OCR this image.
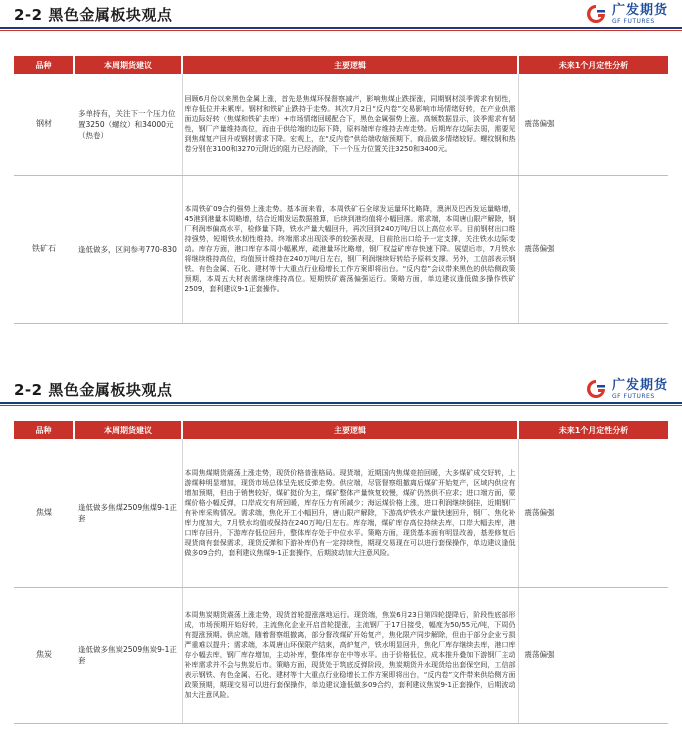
2-2 黑色金属板块观点	广发期货
GF FUTURES
品种	本周期货建议	主要逻辑	未来1个月定性分析
钢材	多单持有，关注下一个压力位置3250（螺纹）和34000元（热卷）	回顾6月份以来黑色金属上涨，首先是焦煤环保督察减产，影响焦煤止跌探涨，同期钢材淡季需求有韧性，库存低位并未累库。钢材和铁矿止跌持于走势。其次7月2日“反内卷”交易影响市场情绪好转，在产业供需面边际好转（焦煤和铁矿去库）+市场情绪回暖配合下，黑色金属强势上涨。高频数据显示，淡季需求有韧性，钢厂产量维持高位，而由于供给端的边际下降，原料端库存维持去库走势。后期库存边际去弱，需要见到焦煤复产回升或钢材需求下降。宏观上，在“反内卷”供给端收缩预期下，商品做多情绪较好。螺纹钢和热卷分别在3100和3270元附近的阻力已经消除，下一个压力位置关注3250和3400元。	震荡偏强
铁矿石	逢低做多，区间参考770-830	本周铁矿09合约强势上涨走势。基本面来看，本周铁矿石全球发运量环比略降，澳洲及巴西发运量略增，45港到港量本周略增，结合近期发运数据推算，后续到港均值将小幅回落。需求端，本周唐山限产解除，钢厂利润率偏高水平，检修量下降，铁水产量大幅回升，再次回到240万吨/日以上高位水平。目前钢材出口维持强势，短期铁水韧性维持。终端需求出现淡季的较强表现，目前抢出口给予一定支撑，关注铁水边际变动。库存方面，港口库存本周小幅累库，疏港量环比略增，钢厂权益矿库存快速下降。展望后市，7月铁水将继续维持高位，均值预计维持在240万吨/日左右，钢厂利润继续好转给予原料支撑。另外，工信部表示钢铁、有色金属、石化、建材等十大重点行业稳增长工作方案即将出台。“反内卷”会议带来黑色的供给侧政策预期，本周五大材表需继续维持高位。短期铁矿震荡偏强运行。策略方面，单边建议逢低做多操作铁矿2509，套利建议9-1正套操作。	震荡偏强
2-2 黑色金属板块观点	广发期货
GF FUTURES
品种	本周期货建议	主要逻辑	未来1个月定性分析
焦煤	逢低做多焦煤2509焦煤9-1正套	本周焦煤期货震荡上涨走势，现货价格普涨格局。现货端，近期国内焦煤竞拍回暖，大多煤矿成交好转，上游煤种明显增加，现货市场总体呈先底反弹走势。供应端，尽管督察组撤离后煤矿开始复产，区域内供应有增加预期，但由于销售较好，煤矿挺价为主，煤矿整体产量恢复较慢，煤矿仍然供不应求；进口端方面，蒙煤价格小幅反弹，口岸成交有所回暖，库存压力有所减少；海运煤价格上涨，进口利润继续倒挂，近期钢厂有补库采购情况。需求端，焦化开工小幅回升，唐山限产解除，下游高炉铁水产量快速回升，钢厂、焦化补库力度加大，7月铁水均值或保持在240万吨/日左右。库存端，煤矿库存高位持续去库，口岸大幅去库，港口库存回升，下游库存低位回升，整体库存处于中位水平。策略方面，现货基本面有明显改善，基差修复后现货商有套保需求，现货反弹和下游补库仍有一定持续性，期现交易现在可以进行套保操作，单边建议逢低做多09合约，套利建议焦煤9-1正套操作，后期波动加大注意风险。	震荡偏强
焦炭	逢低做多焦炭2509焦炭9-1正套	本周焦炭期货震荡上涨走势，现货首轮提涨落地运行。现货端，焦炭6月23日第四轮提降后，阶段性底部形成，市场预期开始好转，主流焦化企业开启首轮提涨，主流钢厂于17日接受，幅度为50/55元/吨，下周仍有提涨预期。供应端，随着督察组撤离，部分督改煤矿开始复产，焦化限产同步解除，但由于部分企业亏损严重难以提升；需求端，本周唐山环保限产结束，高炉复产，铁水明显回升，焦化厂库存继续去库，港口库存小幅去库，钢厂库存增加，主动补库，整体库存在中等水平。由于价格低位，成本推升叠加下游钢厂主动补库需求并不会与焦炭后市。策略方面，现货处于筑底反弹阶段，焦炭期货升水现货给出套保空间，工信部表示钢铁、有色金属、石化、建材等十大重点行业稳增长工作方案即将出台，“反内卷”文件带来供给侧方面政策预期，期现交易可以进行套保操作，单边建议逢低做多09合约，套利建议焦炭9-1正套操作，后期波动加大注意风险。	震荡偏强
